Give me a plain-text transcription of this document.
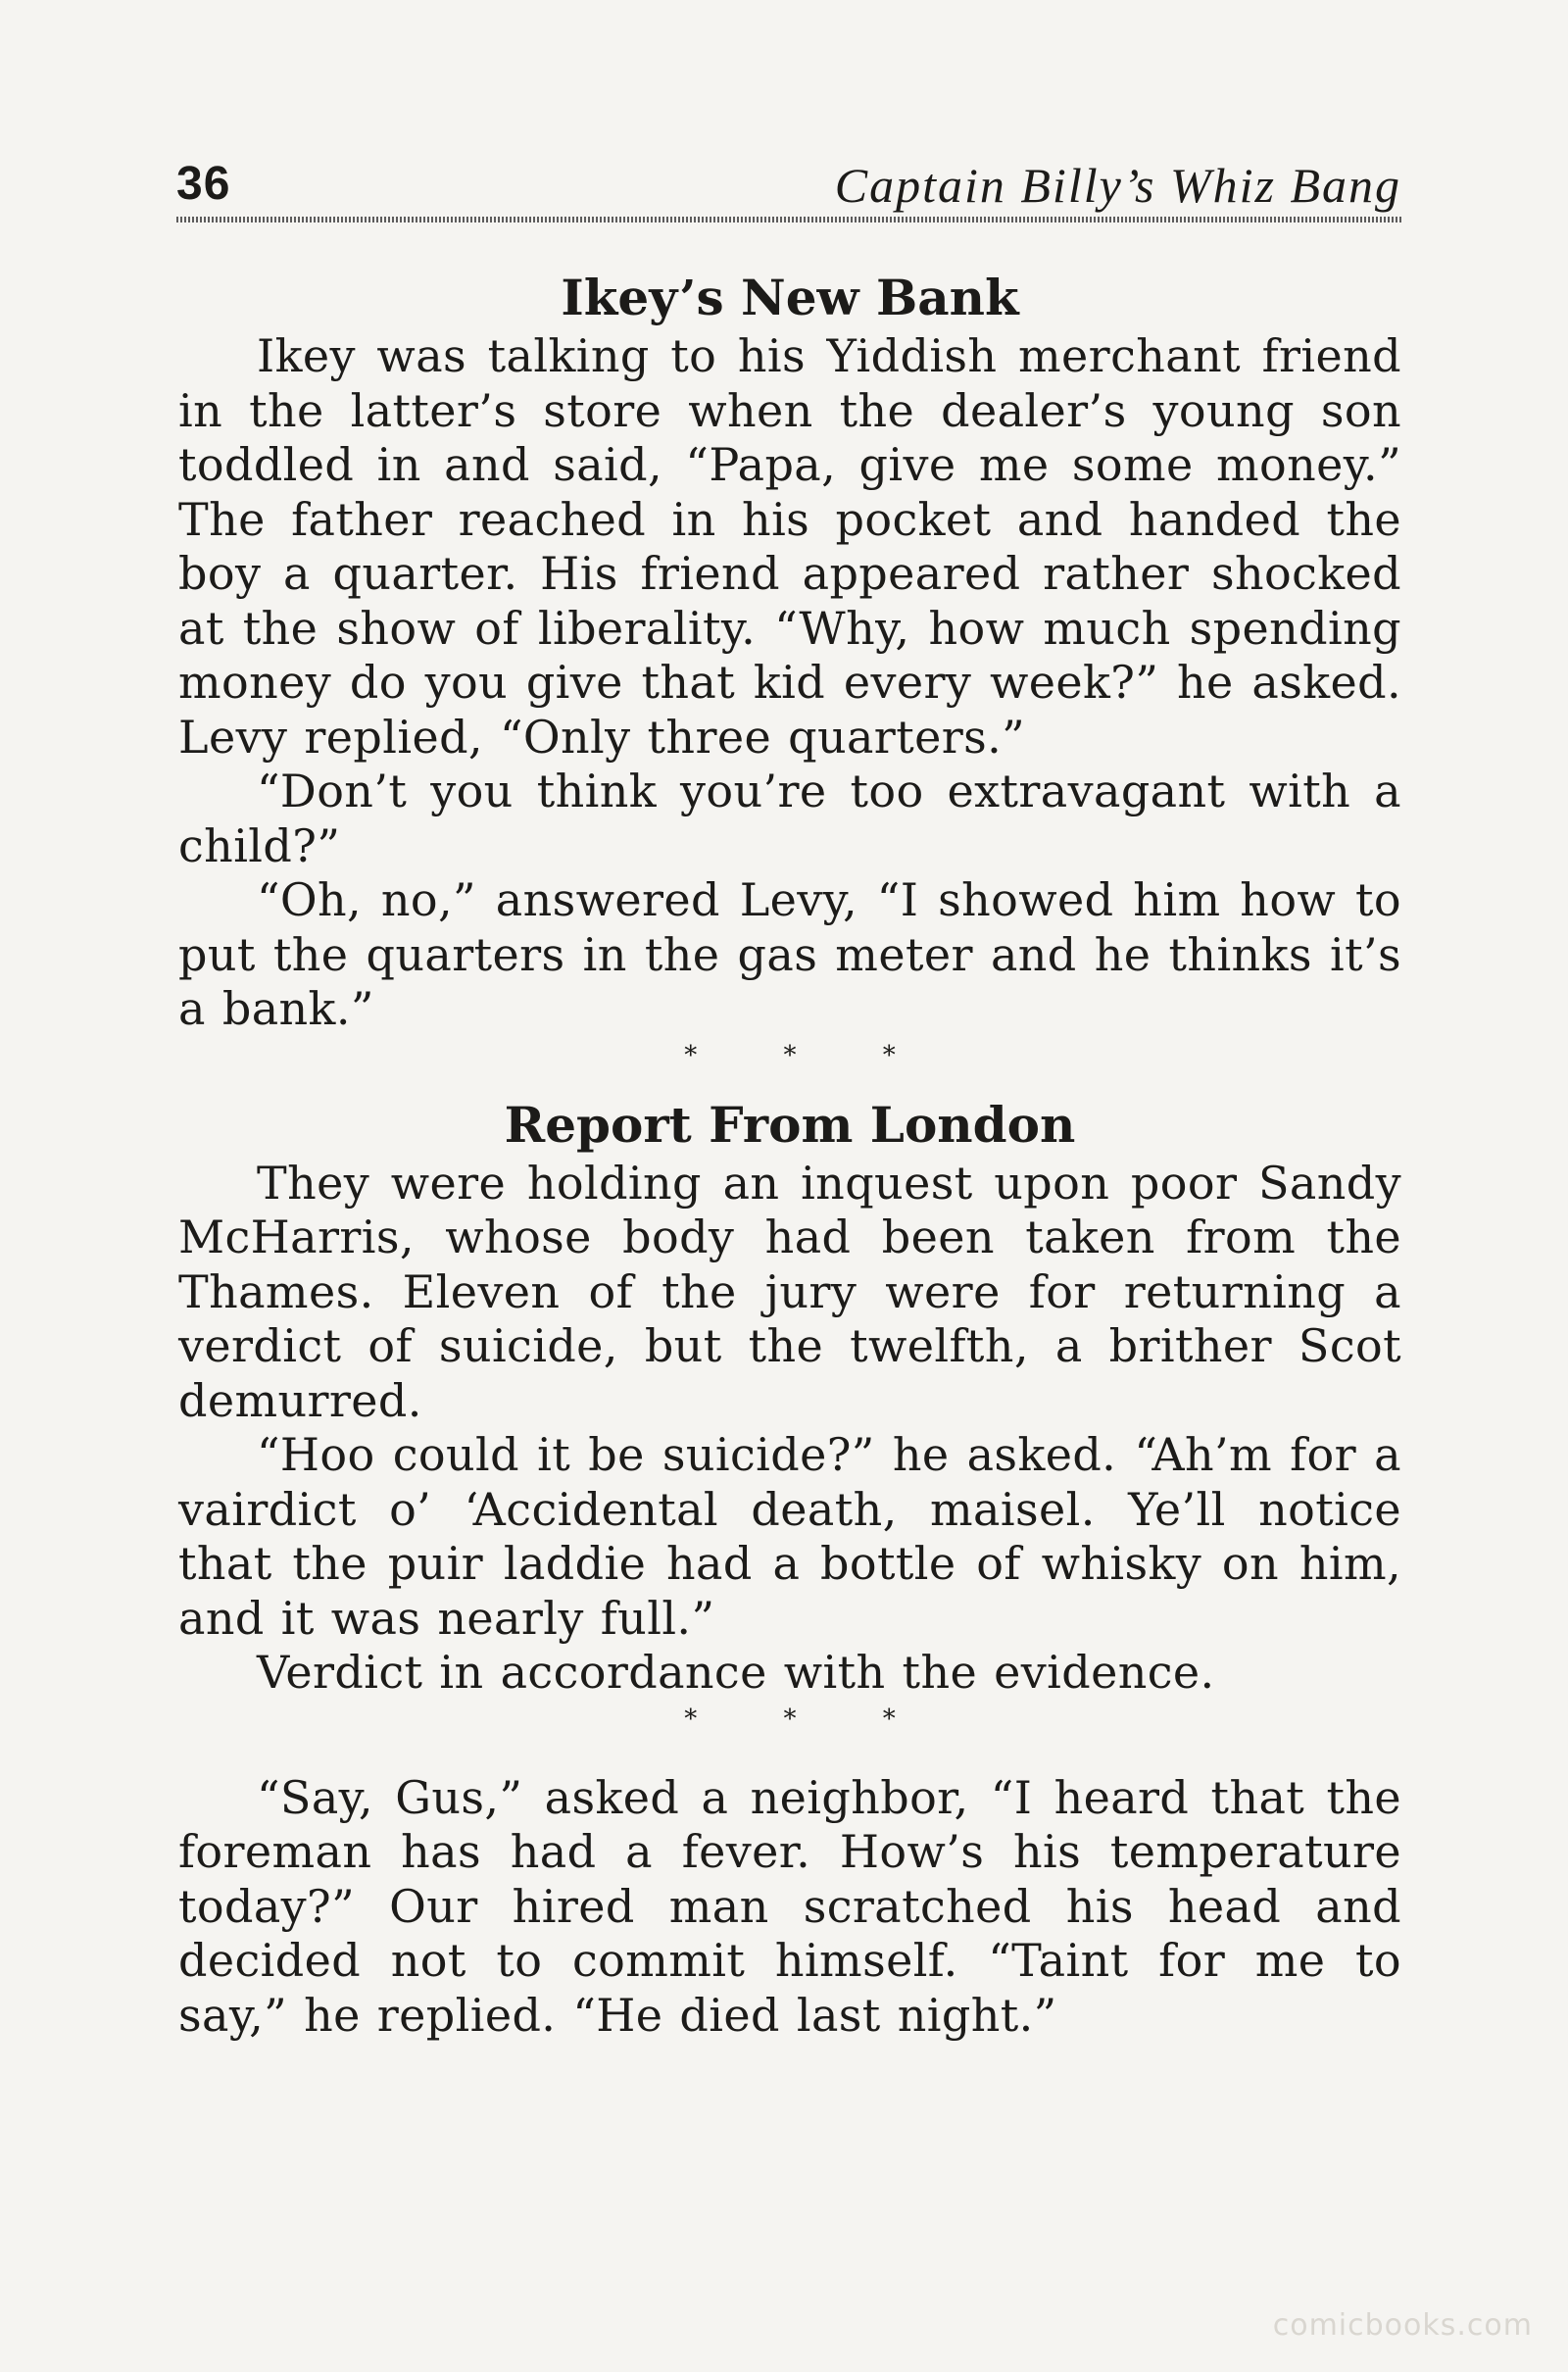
36	Captain Billy’s Whiz Bang
Ikey’s New Bank

Ikey was talking to his Yiddish merchant friend in the latter’s store when the dealer’s young son toddled in and said, “Papa, give me some money.” The father reached in his pocket and handed the boy a quarter. His friend appeared rather shocked at the show of liberality. “Why, how much spending money do you give that kid every week?” he asked. Levy replied, “Only three quarters.”

“Don’t you think you’re too extravagant with a child?”

“Oh, no,” answered Levy, “I showed him how to put the quarters in the gas meter and he thinks it’s a bank.”

* * *

Report From London

They were holding an inquest upon poor Sandy McHarris, whose body had been taken from the Thames. Eleven of the jury were for returning a verdict of suicide, but the twelfth, a brither Scot demurred.

“Hoo could it be suicide?” he asked. “Ah’m for a vairdict o’ ‘Accidental death, maisel. Ye’ll notice that the puir laddie had a bottle of whisky on him, and it was nearly full.”

Verdict in accordance with the evidence.

* * *

“Say, Gus,” asked a neighbor, “I heard that the foreman has had a fever. How’s his temperature today?” Our hired man scratched his head and decided not to commit himself. “Taint for me to say,” he replied. “He died last night.”

comicbooks.com
